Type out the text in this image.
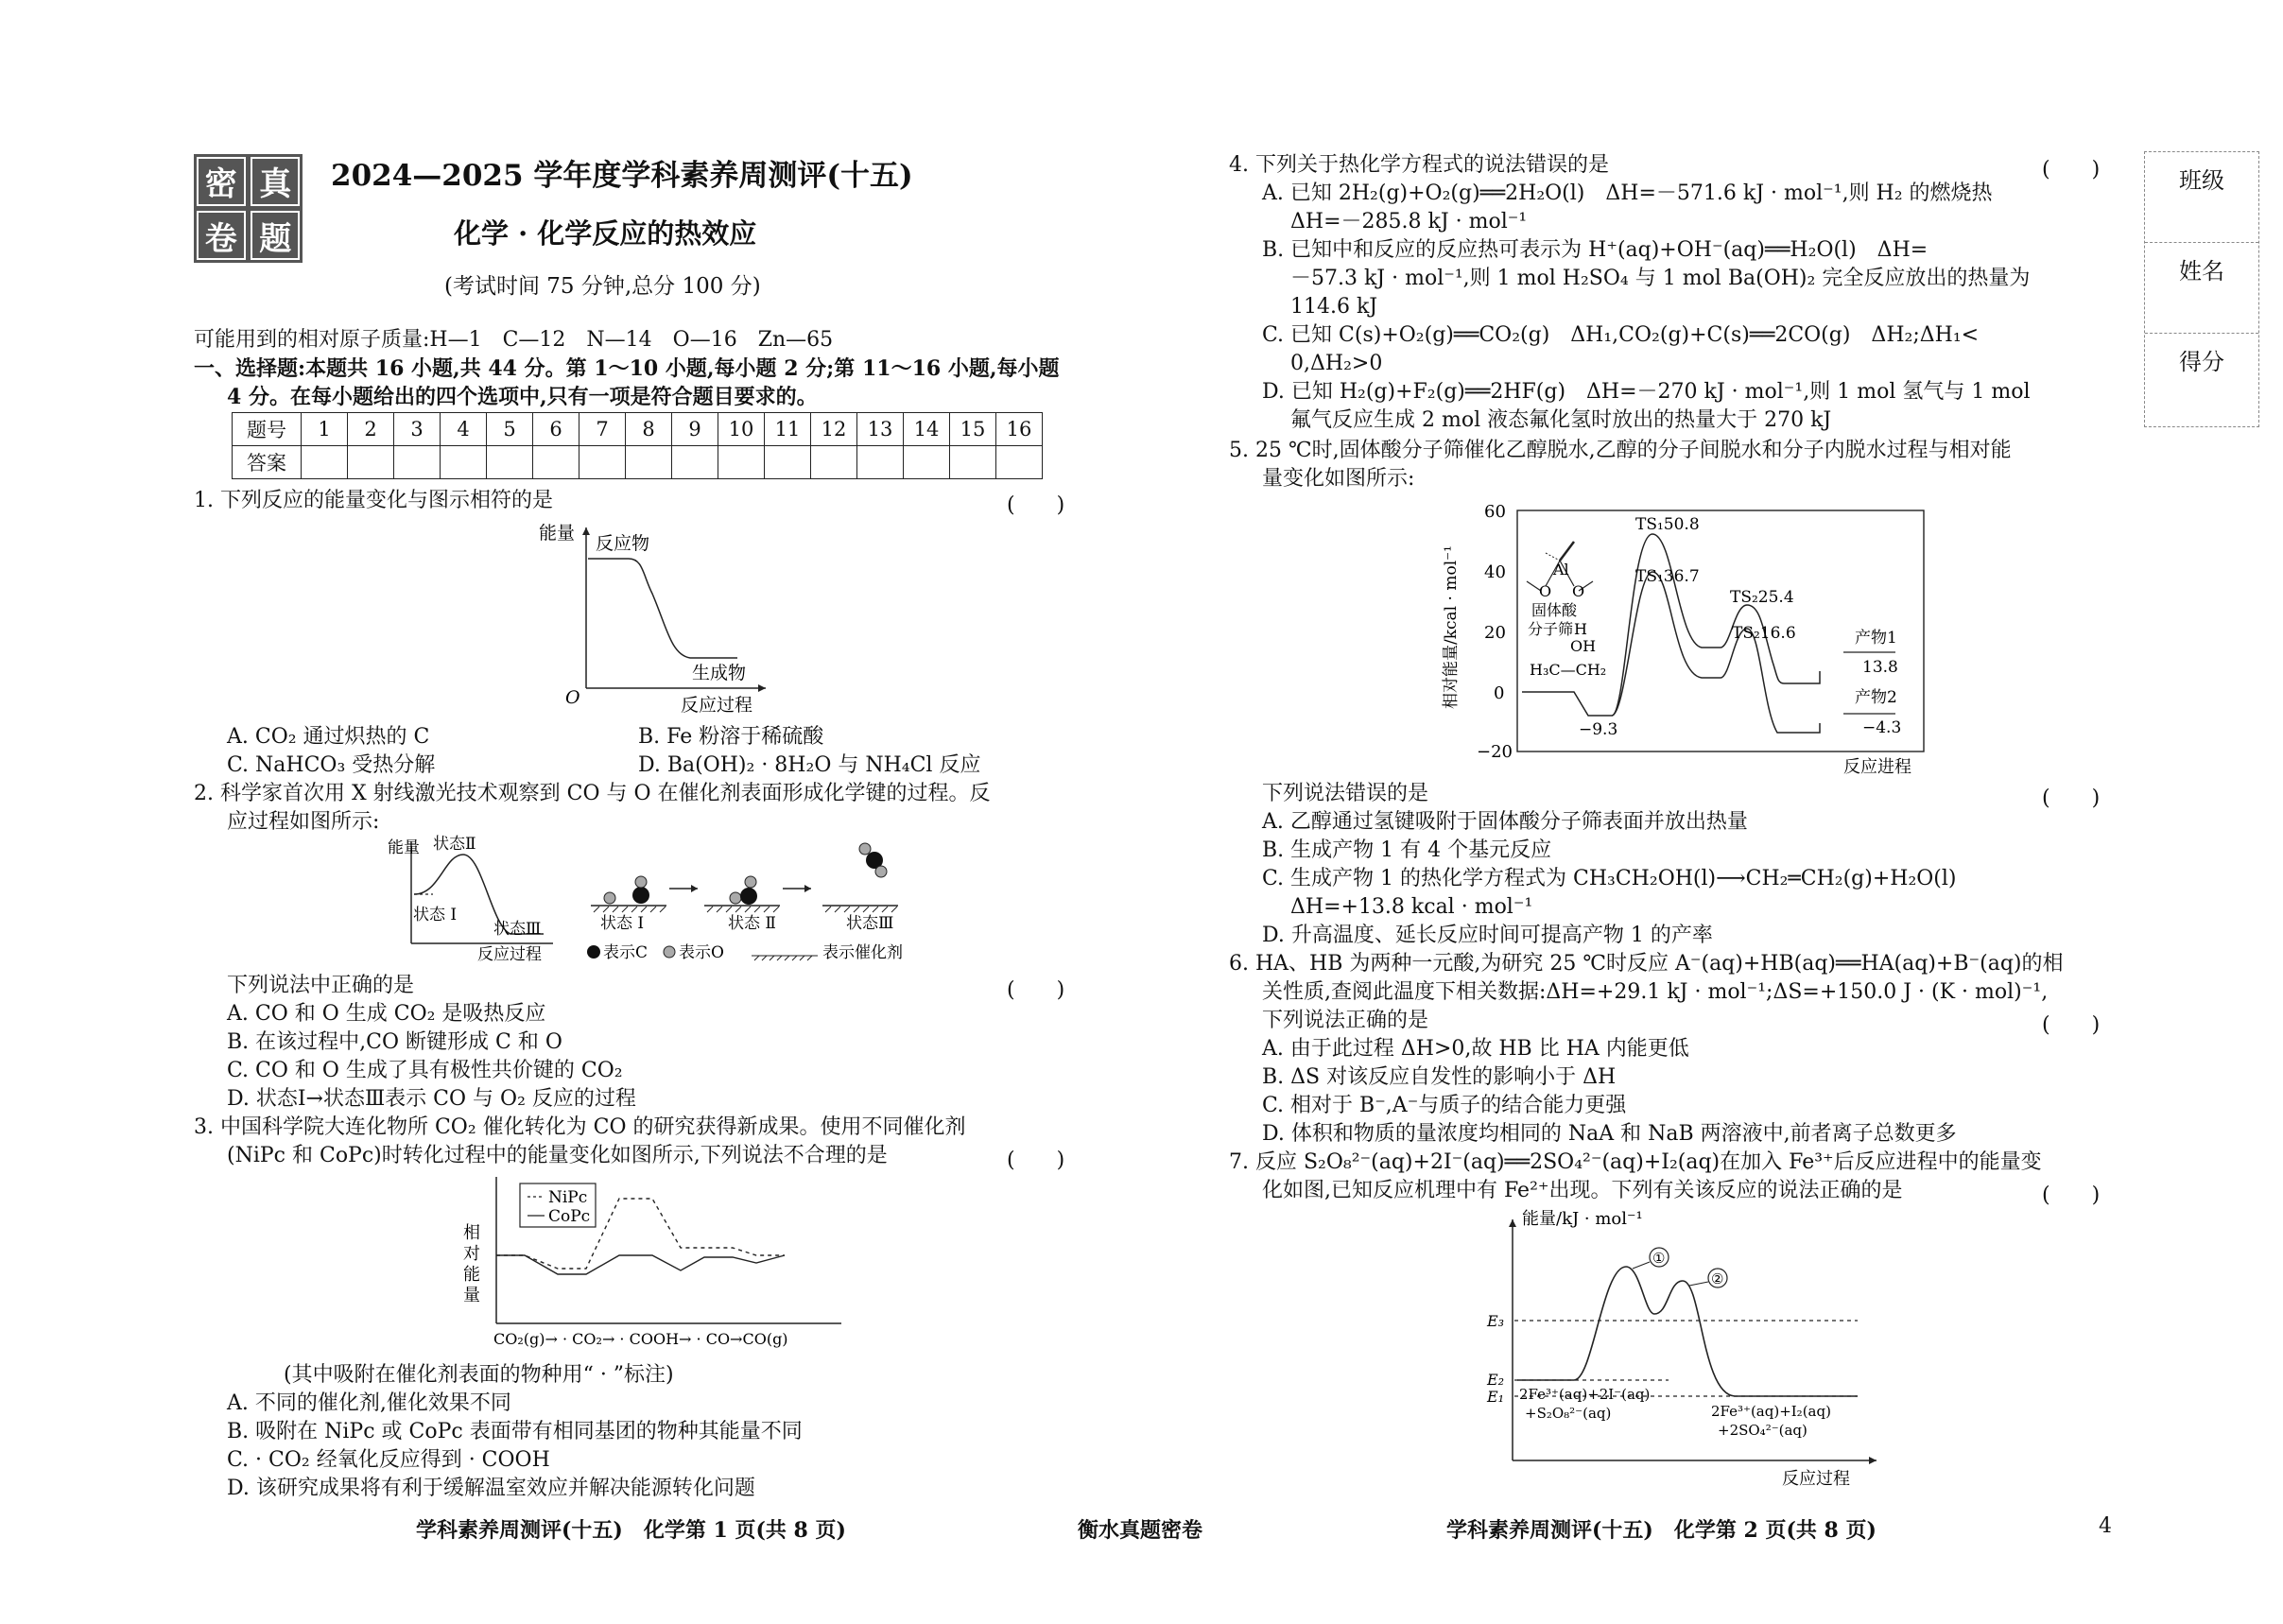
密 真
卷 题
2024—2025 学年度学科素养周测评(十五)
化学 · 化学反应的热效应
(考试时间 75 分钟,总分 100 分)
可能用到的相对原子质量:H—1　C—12　N—14　O—16　Zn—65
一、选择题:本题共 16 小题,共 44 分。第 1～10 小题,每小题 2 分;第 11～16 小题,每小题
4 分。在每小题给出的四个选项中,只有一项是符合题目要求的。
题号	1	2	3	4	5	6	7	8	9	10	11	12	13	14	15	16
答案																
1. 下列反应的能量变化与图示相符的是	(　　)
能量 反应物
生成物
O	反应过程
A. CO₂ 通过炽热的 C	B. Fe 粉溶于稀硫酸
C. NaHCO₃ 受热分解	D. Ba(OH)₂ · 8H₂O 与 NH₄Cl 反应
2. 科学家首次用 X 射线激光技术观察到 CO 与 O 在催化剂表面形成化学键的过程。反
应过程如图所示:
能量 状态Ⅱ
状态 Ⅰ
状态Ⅲ
反应过程
状态 Ⅰ	状态 Ⅱ	状态Ⅲ
表示C 表示O	表示催化剂
下列说法中正确的是	(　　)
A. CO 和 O 生成 CO₂ 是吸热反应
B. 在该过程中,CO 断键形成 C 和 O
C. CO 和 O 生成了具有极性共价键的 CO₂
D. 状态Ⅰ→状态Ⅲ表示 CO 与 O₂ 反应的过程
3. 中国科学院大连化物所 CO₂ 催化转化为 CO 的研究获得新成果。使用不同催化剂
(NiPc 和 CoPc)时转化过程中的能量变化如图所示,下列说法不合理的是	(　　)
NiPc
CoPc
相
对
能
量
CO₂(g)→ · CO₂→ · COOH→ · CO→CO(g)
(其中吸附在催化剂表面的物种用“ · ”标注)
A. 不同的催化剂,催化效果不同
B. 吸附在 NiPc 或 CoPc 表面带有相同基团的物种其能量不同
C. · CO₂ 经氧化反应得到 · COOH
D. 该研究成果将有利于缓解温室效应并解决能源转化问题
学科素养周测评(十五)　化学第 1 页(共 8 页)	衡水真题密卷
4. 下列关于热化学方程式的说法错误的是	(　　)
A. 已知 2H₂(g)+O₂(g)══2H₂O(l)　ΔH=－571.6 kJ · mol⁻¹,则 H₂ 的燃烧热
ΔH=－285.8 kJ · mol⁻¹
B. 已知中和反应的反应热可表示为 H⁺(aq)+OH⁻(aq)══H₂O(l)　ΔH=
－57.3 kJ · mol⁻¹,则 1 mol H₂SO₄ 与 1 mol Ba(OH)₂ 完全反应放出的热量为
114.6 kJ
C. 已知 C(s)+O₂(g)══CO₂(g)　ΔH₁,CO₂(g)+C(s)══2CO(g)　ΔH₂;ΔH₁<
0,ΔH₂>0
D. 已知 H₂(g)+F₂(g)══2HF(g)　ΔH=－270 kJ · mol⁻¹,则 1 mol 氢气与 1 mol
氟气反应生成 2 mol 液态氟化氢时放出的热量大于 270 kJ
5. 25 ℃时,固体酸分子筛催化乙醇脱水,乙醇的分子间脱水和分子内脱水过程与相对能
量变化如图所示:
60
40
20
0
−20
相对能量/kcal · mol⁻¹
反应进程
TS₁50.8
TS₁36.7
TS₂25.4
TS₂16.6	产物1
13.8
产物2
−4.3
−9.3
Al
O O
固体酸
分子筛 H
OH
H₃C—CH₂
下列说法错误的是	(　　)
A. 乙醇通过氢键吸附于固体酸分子筛表面并放出热量
B. 生成产物 1 有 4 个基元反应
C. 生成产物 1 的热化学方程式为 CH₃CH₂OH(l)⟶CH₂═CH₂(g)+H₂O(l)
ΔH=+13.8 kcal · mol⁻¹
D. 升高温度、延长反应时间可提高产物 1 的产率
6. HA、HB 为两种一元酸,为研究 25 ℃时反应 A⁻(aq)+HB(aq)══HA(aq)+B⁻(aq)的相
关性质,查阅此温度下相关数据:ΔH=+29.1 kJ · mol⁻¹;ΔS=+150.0 J · (K · mol)⁻¹,
下列说法正确的是	(　　)
A. 由于此过程 ΔH>0,故 HB 比 HA 内能更低
B. ΔS 对该反应自发性的影响小于 ΔH
C. 相对于 B⁻,A⁻与质子的结合能力更强
D. 体积和物质的量浓度均相同的 NaA 和 NaB 两溶液中,前者离子总数更多
7. 反应 S₂O₈²⁻(aq)+2I⁻(aq)══2SO₄²⁻(aq)+I₂(aq)在加入 Fe³⁺后反应进程中的能量变
化如图,已知反应机理中有 Fe²⁺出现。下列有关该反应的说法正确的是	(　　)
①
②
能量/kJ · mol⁻¹
E₃
E₂
E₁ 2Fe³⁺(aq)+2I⁻(aq)
+S₂O₈²⁻(aq)	2Fe³⁺(aq)+I₂(aq)
+2SO₄²⁻(aq)
反应过程
学科素养周测评(十五)　化学第 2 页(共 8 页)	4
班级
姓名
得分
